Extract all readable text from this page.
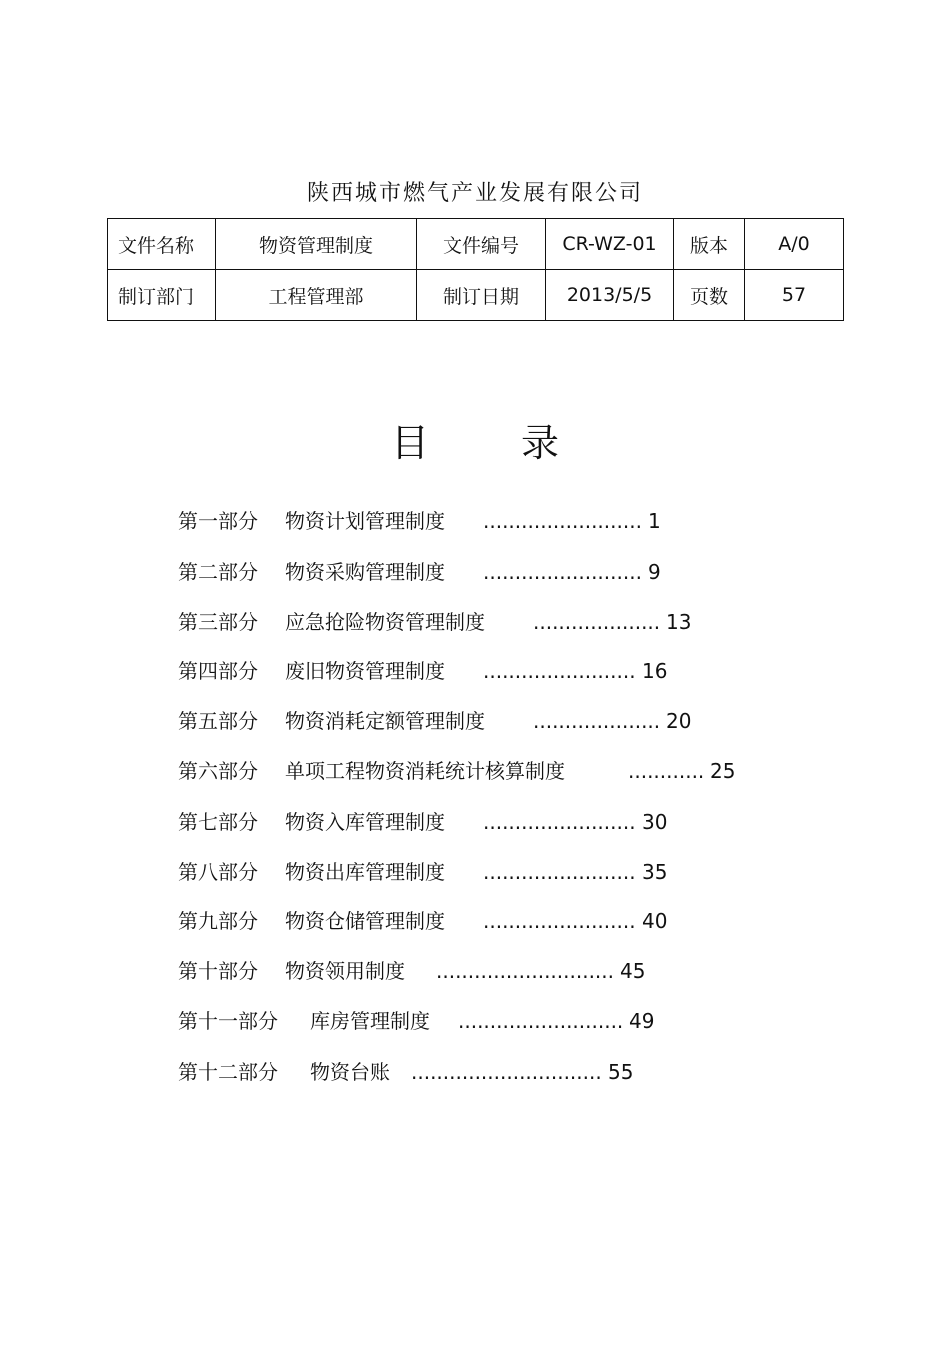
陕西城市燃气产业发展有限公司
文件名称	物资管理制度	文件编号	CR-WZ-01	版本	A/0
制订部门	工程管理部	制订日期	2013/5/5	页数	57
目 录
第一部分 物资计划管理制度 ......................... 1
第二部分 物资采购管理制度 ......................... 9
第三部分 应急抢险物资管理制度 .................... 13
第四部分 废旧物资管理制度 ........................ 16
第五部分 物资消耗定额管理制度 .................... 20
第六部分 单项工程物资消耗统计核算制度	............ 25
第七部分 物资入库管理制度 ........................ 30
第八部分 物资出库管理制度 ........................ 35
第九部分 物资仓储管理制度 ........................ 40
第十部分 物资领用制度 ............................ 45
第十一部分 库房管理制度 .......................... 49
第十二部分 物资台账 .............................. 55
